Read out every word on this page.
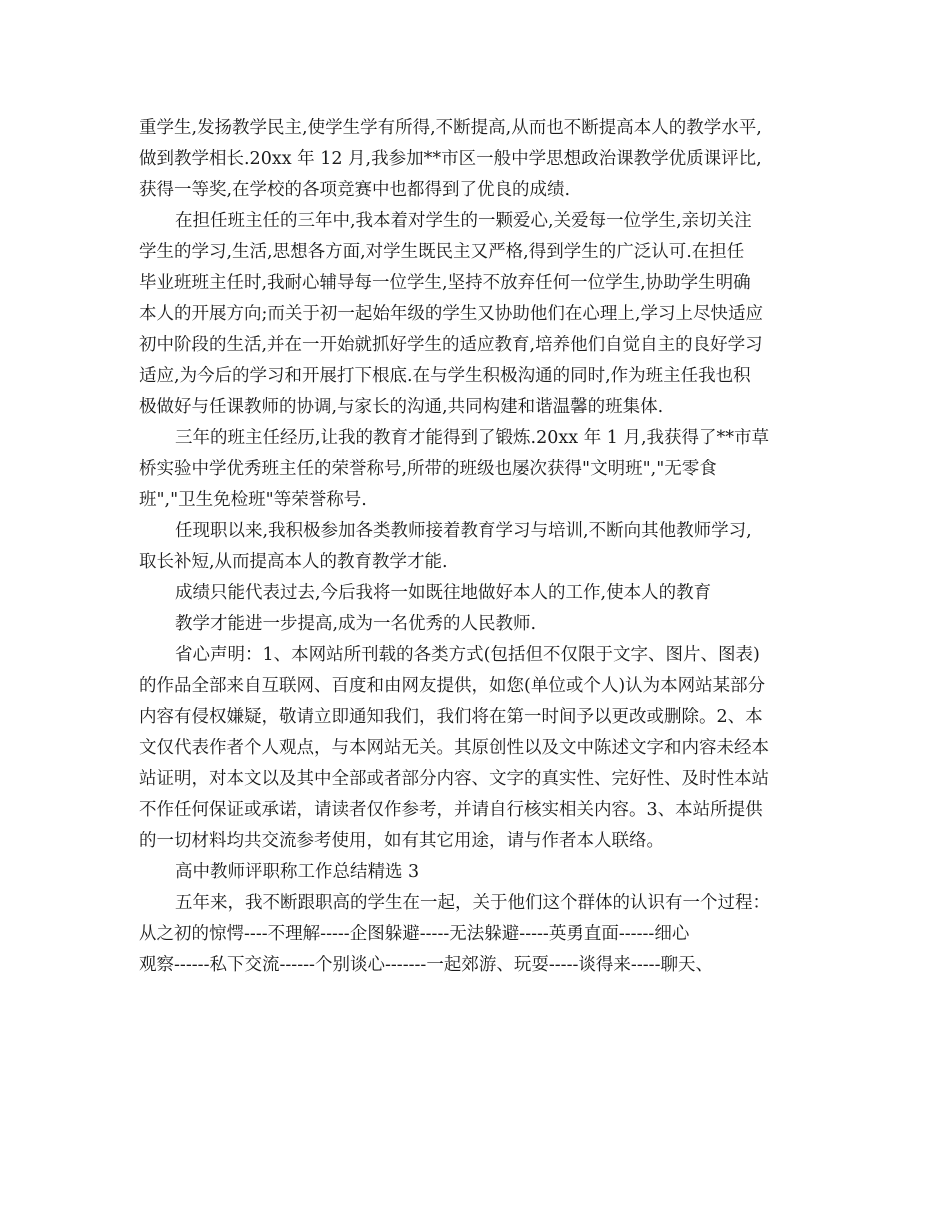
重学生,发扬教学民主,使学生学有所得,不断提高,从而也不断提高本人的教学水平,
做到教学相长.20xx 年 12 月,我参加**市区一般中学思想政治课教学优质课评比,
获得一等奖,在学校的各项竞赛中也都得到了优良的成绩.
在担任班主任的三年中,我本着对学生的一颗爱心,关爱每一位学生,亲切关注
学生的学习,生活,思想各方面,对学生既民主又严格,得到学生的广泛认可.在担任
毕业班班主任时,我耐心辅导每一位学生,坚持不放弃任何一位学生,协助学生明确
本人的开展方向;而关于初一起始年级的学生又协助他们在心理上,学习上尽快适应
初中阶段的生活,并在一开始就抓好学生的适应教育,培养他们自觉自主的良好学习
适应,为今后的学习和开展打下根底.在与学生积极沟通的同时,作为班主任我也积
极做好与任课教师的协调,与家长的沟通,共同构建和谐温馨的班集体.
三年的班主任经历,让我的教育才能得到了锻炼.20xx 年 1 月,我获得了**市草
桥实验中学优秀班主任的荣誉称号,所带的班级也屡次获得"文明班","无零食
班","卫生免检班"等荣誉称号.
任现职以来,我积极参加各类教师接着教育学习与培训,不断向其他教师学习,
取长补短,从而提高本人的教育教学才能.
成绩只能代表过去,今后我将一如既往地做好本人的工作,使本人的教育
教学才能进一步提高,成为一名优秀的人民教师.
省心声明：1、本网站所刊载的各类方式(包括但不仅限于文字、图片、图表)
的作品全部来自互联网、百度和由网友提供，如您(单位或个人)认为本网站某部分
内容有侵权嫌疑，敬请立即通知我们，我们将在第一时间予以更改或删除。2、本
文仅代表作者个人观点，与本网站无关。其原创性以及文中陈述文字和内容未经本
站证明，对本文以及其中全部或者部分内容、文字的真实性、完好性、及时性本站
不作任何保证或承诺，请读者仅作参考，并请自行核实相关内容。3、本站所提供
的一切材料均共交流参考使用，如有其它用途，请与作者本人联络。
高中教师评职称工作总结精选 3
五年来，我不断跟职高的学生在一起，关于他们这个群体的认识有一个过程：
从之初的惊愕----不理解-----企图躲避-----无法躲避-----英勇直面------细心
观察------私下交流------个别谈心-------一起郊游、玩耍-----谈得来-----聊天、
